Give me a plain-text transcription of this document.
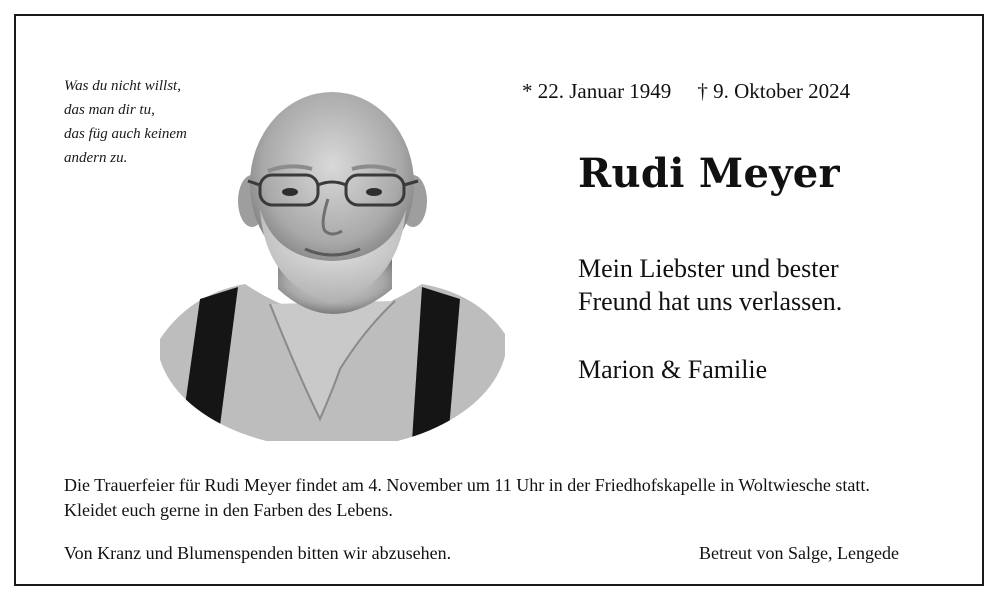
Was du nicht willst,
das man dir tu,
das füg auch keinem
andern zu.
* 22. Januar 1949 † 9. Oktober 2024
Rudi Meyer
Mein Liebster und bester
Freund hat uns verlassen.
Marion & Familie
Die Trauerfeier für Rudi Meyer findet am 4. November um 11 Uhr in der Friedhofskapelle in Woltwiesche statt. Kleidet euch gerne in den Farben des Lebens.
Von Kranz und Blumenspenden bitten wir abzusehen.	Betreut von Salge, Lengede
